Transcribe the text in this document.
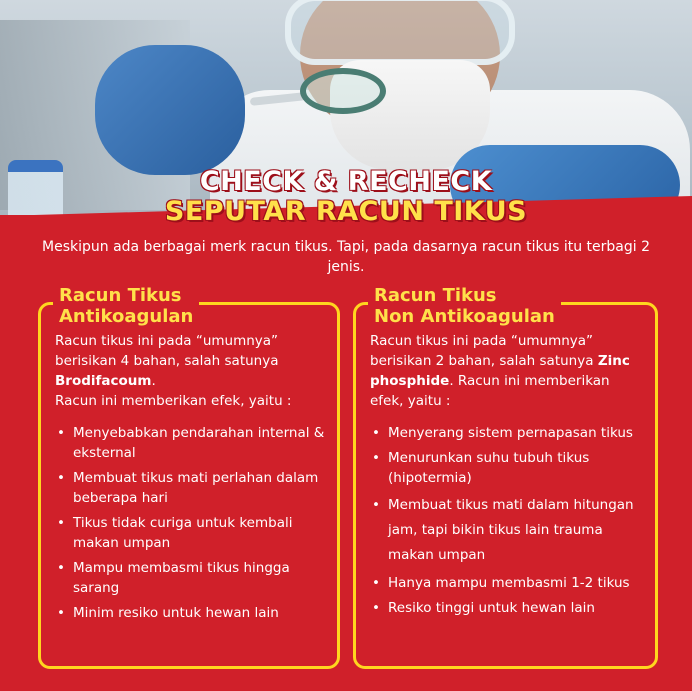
CHECK & RECHECK
SEPUTAR RACUN TIKUS
Meskipun ada berbagai merk racun tikus. Tapi, pada dasarnya racun tikus itu terbagi 2 jenis.
Racun Tikus
Antikoagulan
Racun tikus ini pada “umumnya” berisikan 4 bahan, salah satunya Brodifacoum.
Racun ini memberikan efek, yaitu :
• Menyebabkan pendarahan internal & eksternal
• Membuat tikus mati perlahan dalam beberapa hari
• Tikus tidak curiga untuk kembali makan umpan
• Mampu membasmi tikus hingga sarang
• Minim resiko untuk hewan lain
Racun Tikus
Non Antikoagulan
Racun tikus ini pada “umumnya” berisikan 2 bahan, salah satunya Zinc phosphide. Racun ini memberikan efek, yaitu :
• Menyerang sistem pernapasan tikus
• Menurunkan suhu tubuh tikus (hipotermia)
• Membuat tikus mati dalam hitungan jam, tapi bikin tikus lain trauma makan umpan
• Hanya mampu membasmi 1-2 tikus
• Resiko tinggi untuk hewan lain
